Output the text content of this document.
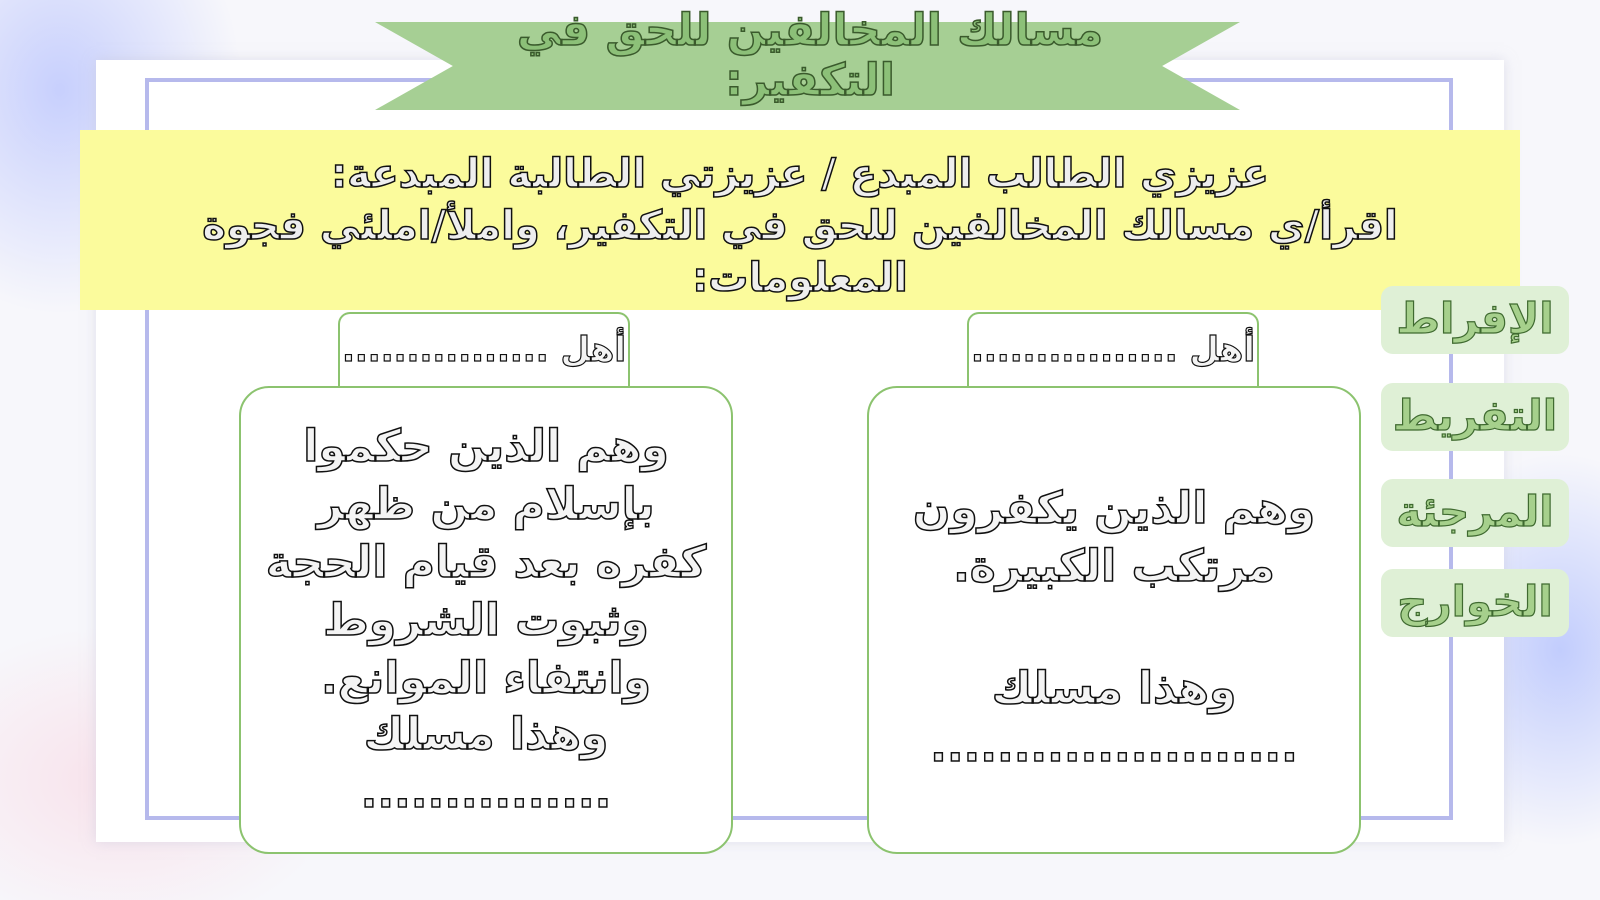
مسالك المخالفين للحق في التكفير:
عزيزي الطالب المبدع / عزيزتي الطالبة المبدعة:
اقرأ/ي مسالك المخالفين للحق في التكفير، واملأ/املئي فجوة المعلومات:
أهل ................
وهم الذين حكموا بإسلام من ظهر كفره بعد قيام الحجة وثبوت الشروط وانتفاء الموانع.
وهذا مسلك ...............
أهل ................
وهم الذين يكفرون مرتكب الكبيرة.
وهذا مسلك ......................
الإفراط
التفريط
المرجئة
الخوارج
